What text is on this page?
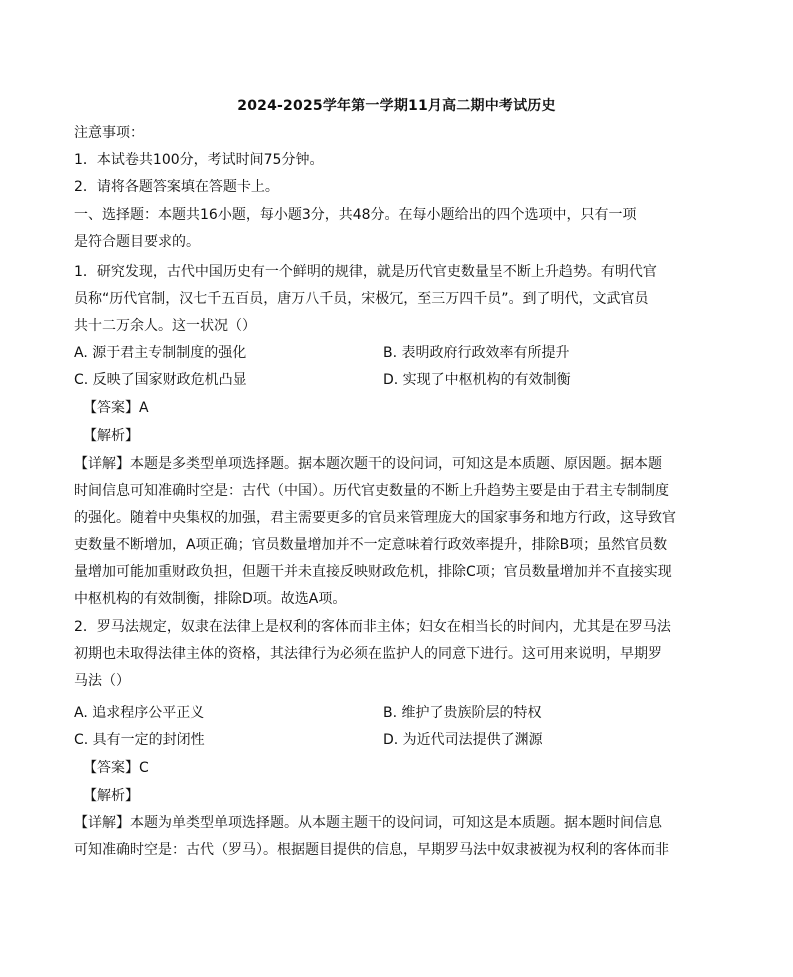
2024-2025学年第一学期11月高二期中考试历史
注意事项：
1．本试卷共100分，考试时间75分钟。
2．请将各题答案填在答题卡上。
一、选择题：本题共16小题，每小题3分，共48分。在每小题给出的四个选项中，只有一项
是符合题目要求的。
1．研究发现，古代中国历史有一个鲜明的规律，就是历代官吏数量呈不断上升趋势。有明代官
员称“历代官制，汉七千五百员，唐万八千员，宋极冗，至三万四千员”。到了明代，文武官员
共十二万余人。这一状况（）
A. 源于君主专制制度的强化	B. 表明政府行政效率有所提升
C. 反映了国家财政危机凸显	D. 实现了中枢机构的有效制衡
【答案】A
【解析】
【详解】本题是多类型单项选择题。据本题次题干的设问词，可知这是本质题、原因题。据本题
时间信息可知准确时空是：古代（中国）。历代官吏数量的不断上升趋势主要是由于君主专制制度
的强化。随着中央集权的加强，君主需要更多的官员来管理庞大的国家事务和地方行政，这导致官
吏数量不断增加，A项正确；官员数量增加并不一定意味着行政效率提升，排除B项；虽然官员数
量增加可能加重财政负担，但题干并未直接反映财政危机，排除C项；官员数量增加并不直接实现
中枢机构的有效制衡，排除D项。故选A项。
2．罗马法规定，奴隶在法律上是权利的客体而非主体；妇女在相当长的时间内，尤其是在罗马法
初期也未取得法律主体的资格，其法律行为必须在监护人的同意下进行。这可用来说明，早期罗
马法（）
A. 追求程序公平正义	B. 维护了贵族阶层的特权
C. 具有一定的封闭性	D. 为近代司法提供了渊源
【答案】C
【解析】
【详解】本题为单类型单项选择题。从本题主题干的设问词，可知这是本质题。据本题时间信息
可知准确时空是：古代（罗马）。根据题目提供的信息，早期罗马法中奴隶被视为权利的客体而非
